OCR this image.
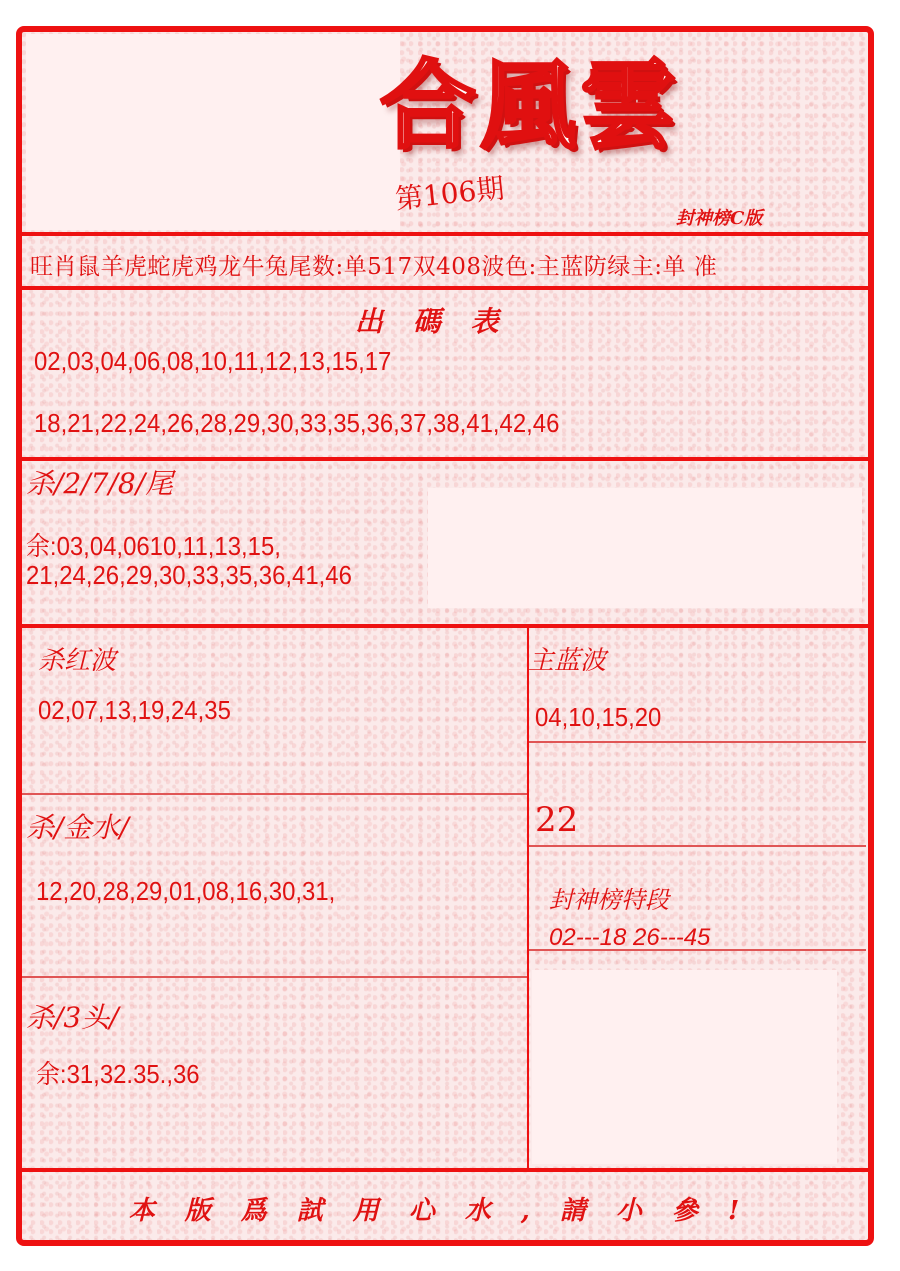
合風雲
第106期
封神榜C版
旺肖鼠羊虎蛇虎鸡龙牛兔尾数:单517双408波色:主蓝防绿主:单 准
出 碼 表
02,03,04,06,08,10,11,12,13,15,17
18,21,22,24,26,28,29,30,33,35,36,37,38,41,42,46
杀/2/7/8/尾
余:03,04,0610,11,13,15,
21,24,26,29,30,33,35,36,41,46
杀红波
02,07,13,19,24,35
主蓝波
04,10,15,20
22
杀/金水/
12,20,28,29,01,08,16,30,31,	封神榜特段
02---18 26---45
杀/3头/
余:31,32.35.,36
本版爲試用心水,請小參!
